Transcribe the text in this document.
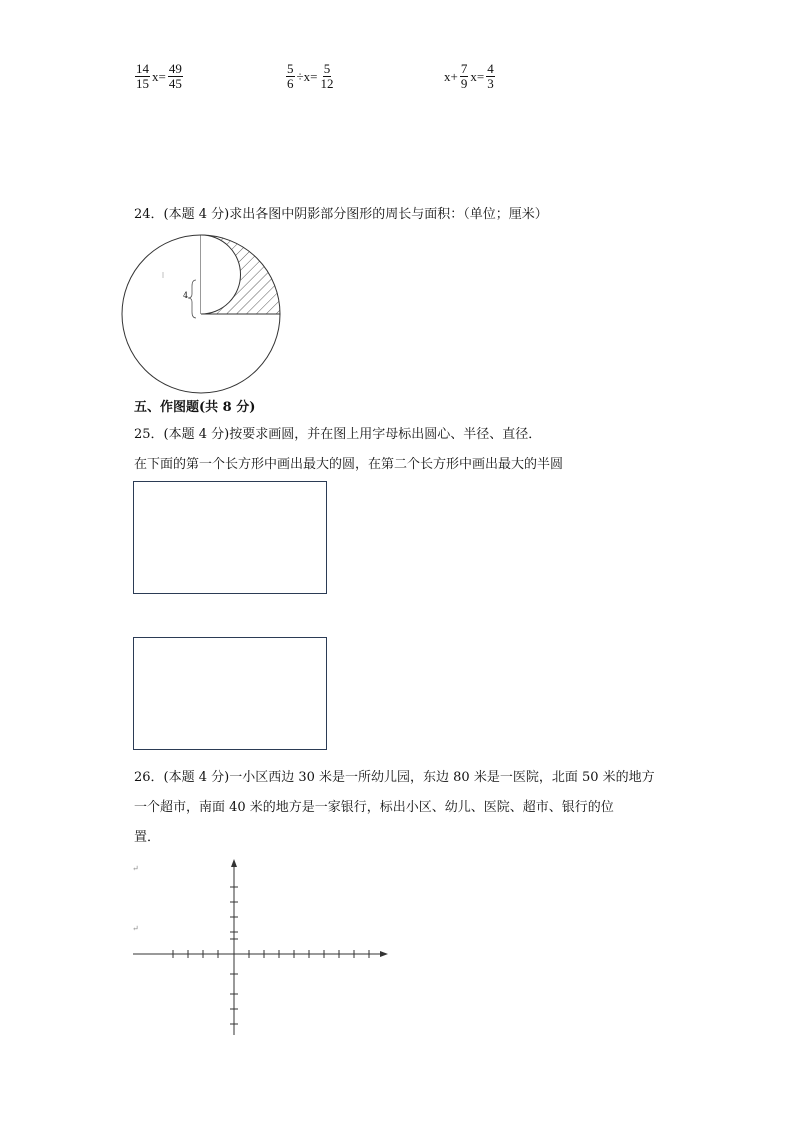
$\frac{14}{15} x= \frac{49}{45}$	$\frac{5}{6} \div x= \frac{5}{12}$	$x+ \frac{7}{9} x= \frac{4}{3}$
24．(本题 4 分)求出各图中阴影部分图形的周长与面积：（单位；厘米）
4
五、作图题(共 8 分)
25．(本题 4 分)按要求画圆，并在图上用字母标出圆心、半径、直径．
在下面的第一个长方形中画出最大的圆，在第二个长方形中画出最大的半圆
26．(本题 4 分)一小区西边 30 米是一所幼儿园，东边 80 米是一医院，北面 50 米的地方
一个超市，南面 40 米的地方是一家银行，标出小区、幼儿、医院、超市、银行的位
置．
↵
↵
